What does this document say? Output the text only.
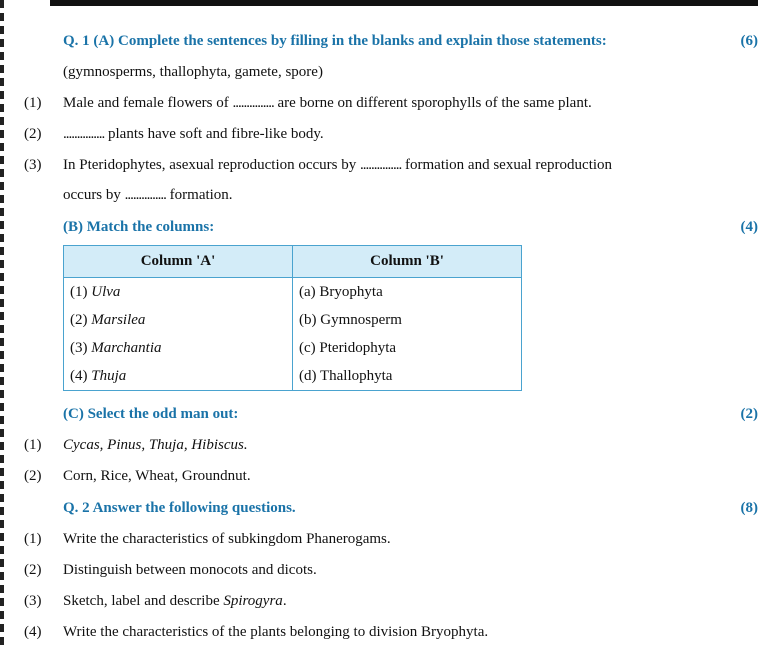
Q. 1 (A) Complete the sentences by filling in the blanks and explain those statements:	(6)
(gymnosperms, thallophyta, gamete, spore)
(1) Male and female flowers of ............... are borne on different sporophylls of the same plant.
(2) ............... plants have soft and fibre-like body.
(3) In Pteridophytes, asexual reproduction occurs by ............... formation and sexual reproduction
occurs by ............... formation.
(B) Match the columns:	(4)
Column 'A'	Column 'B'
(1) Ulva	(a) Bryophyta
(2) Marsilea	(b) Gymnosperm
(3) Marchantia	(c) Pteridophyta
(4) Thuja	(d) Thallophyta
(C) Select the odd man out:	(2)
(1) Cycas, Pinus, Thuja, Hibiscus.
(2) Corn, Rice, Wheat, Groundnut.
Q. 2 Answer the following questions.	(8)
(1) Write the characteristics of subkingdom Phanerogams.
(2) Distinguish between monocots and dicots.
(3) Sketch, label and describe Spirogyra.
(4) Write the characteristics of the plants belonging to division Bryophyta.
